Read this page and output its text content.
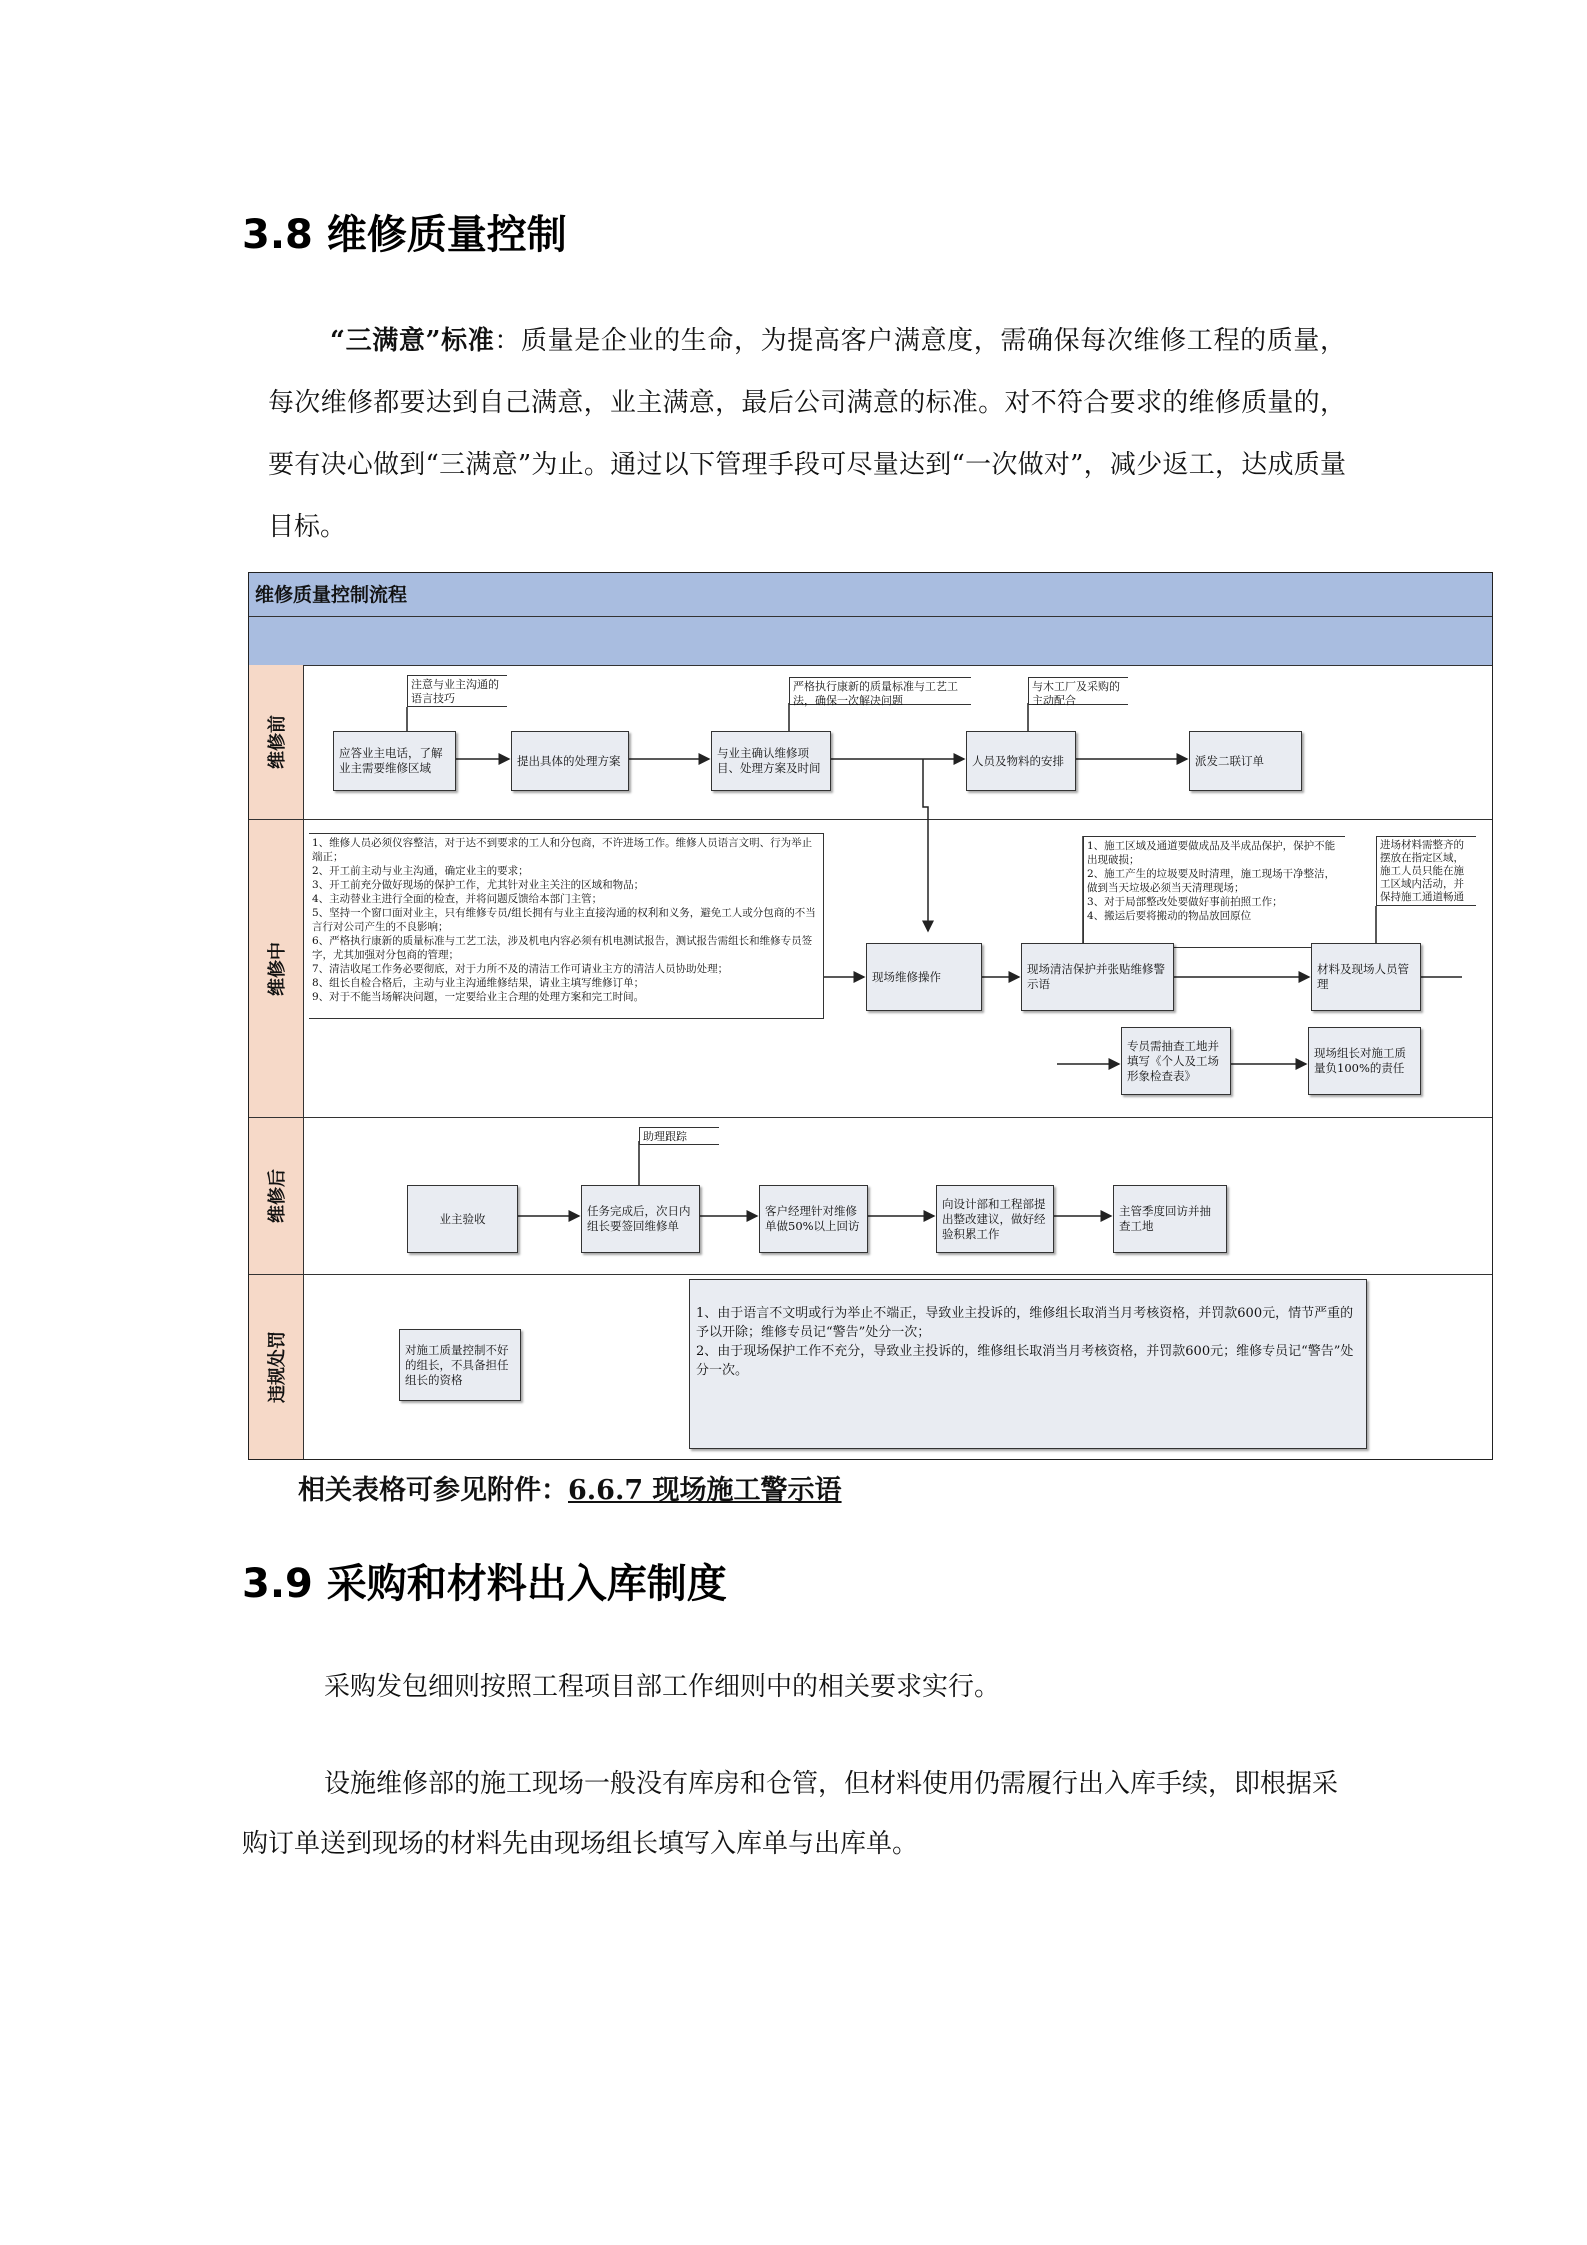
3.8 维修质量控制

“三满意”标准：质量是企业的生命，为提高客户满意度，需确保每次维修工程的质量，每次维修都要达到自己满意，业主满意，最后公司满意的标准。对不符合要求的维修质量的，要有决心做到“三满意”为止。通过以下管理手段可尽量达到“一次做对”，减少返工，达成质量目标。

维修质量控制流程
维修前
维修中
维修后
违规处罚
注意与业主沟通的语言技巧
严格执行康新的质量标准与工艺工法，确保一次解决问题
与木工厂及采购的主动配合
应答业主电话，了解业主需要维修区域
提出具体的处理方案
与业主确认维修项目、处理方案及时间
人员及物料的安排	派发二联订单
1、维修人员必须仪容整洁，对于达不到要求的工人和分包商，不许进场工作。维修人员语言文明、行为举止端正；
2、开工前主动与业主沟通，确定业主的要求；
3、开工前充分做好现场的保护工作，尤其针对业主关注的区域和物品；
4、主动替业主进行全面的检查，并将问题反馈给本部门主管；
5、坚持一个窗口面对业主，只有维修专员/组长拥有与业主直接沟通的权利和义务，避免工人或分包商的不当言行对公司产生的不良影响；
6、严格执行康新的质量标准与工艺工法，涉及机电内容必须有机电测试报告，测试报告需组长和维修专员签字，尤其加强对分包商的管理；
7、清洁收尾工作务必要彻底，对于力所不及的清洁工作可请业主方的清洁人员协助处理；
8、组长自检合格后，主动与业主沟通维修结果，请业主填写维修订单；
9、对于不能当场解决问题，一定要给业主合理的处理方案和完工时间。
1、施工区域及通道要做成品及半成品保护，保护不能出现破损；
2、施工产生的垃圾要及时清理，施工现场干净整洁，做到当天垃圾必须当天清理现场；
3、对于局部整改处要做好事前拍照工作；
4、搬运后要将搬动的物品放回原位
进场材料需整齐的摆放在指定区域，施工人员只能在施工区域内活动，并保持施工通道畅通
现场维修操作
现场清洁保护并张贴维修警示语
材料及现场人员管理
专员需抽查工地并填写《个人及工场形象检查表》
现场组长对施工质量负100%的责任
助理跟踪
业主验收
任务完成后，次日内组长要签回维修单
客户经理针对维修单做50%以上回访
向设计部和工程部提出整改建议，做好经验积累工作
主管季度回访并抽查工地
对施工质量控制不好的组长，不具备担任组长的资格
1、由于语言不文明或行为举止不端正，导致业主投诉的，维修组长取消当月考核资格，并罚款600元，情节严重的予以开除；维修专员记“警告”处分一次；
2、由于现场保护工作不充分，导致业主投诉的，维修组长取消当月考核资格，并罚款600元；维修专员记“警告”处分一次。
相关表格可参见附件：6.6.7 现场施工警示语
3.9 采购和材料出入库制度
采购发包细则按照工程项目部工作细则中的相关要求实行。

设施维修部的施工现场一般没有库房和仓管，但材料使用仍需履行出入库手续，即根据采购订单送到现场的材料先由现场组长填写入库单与出库单。
